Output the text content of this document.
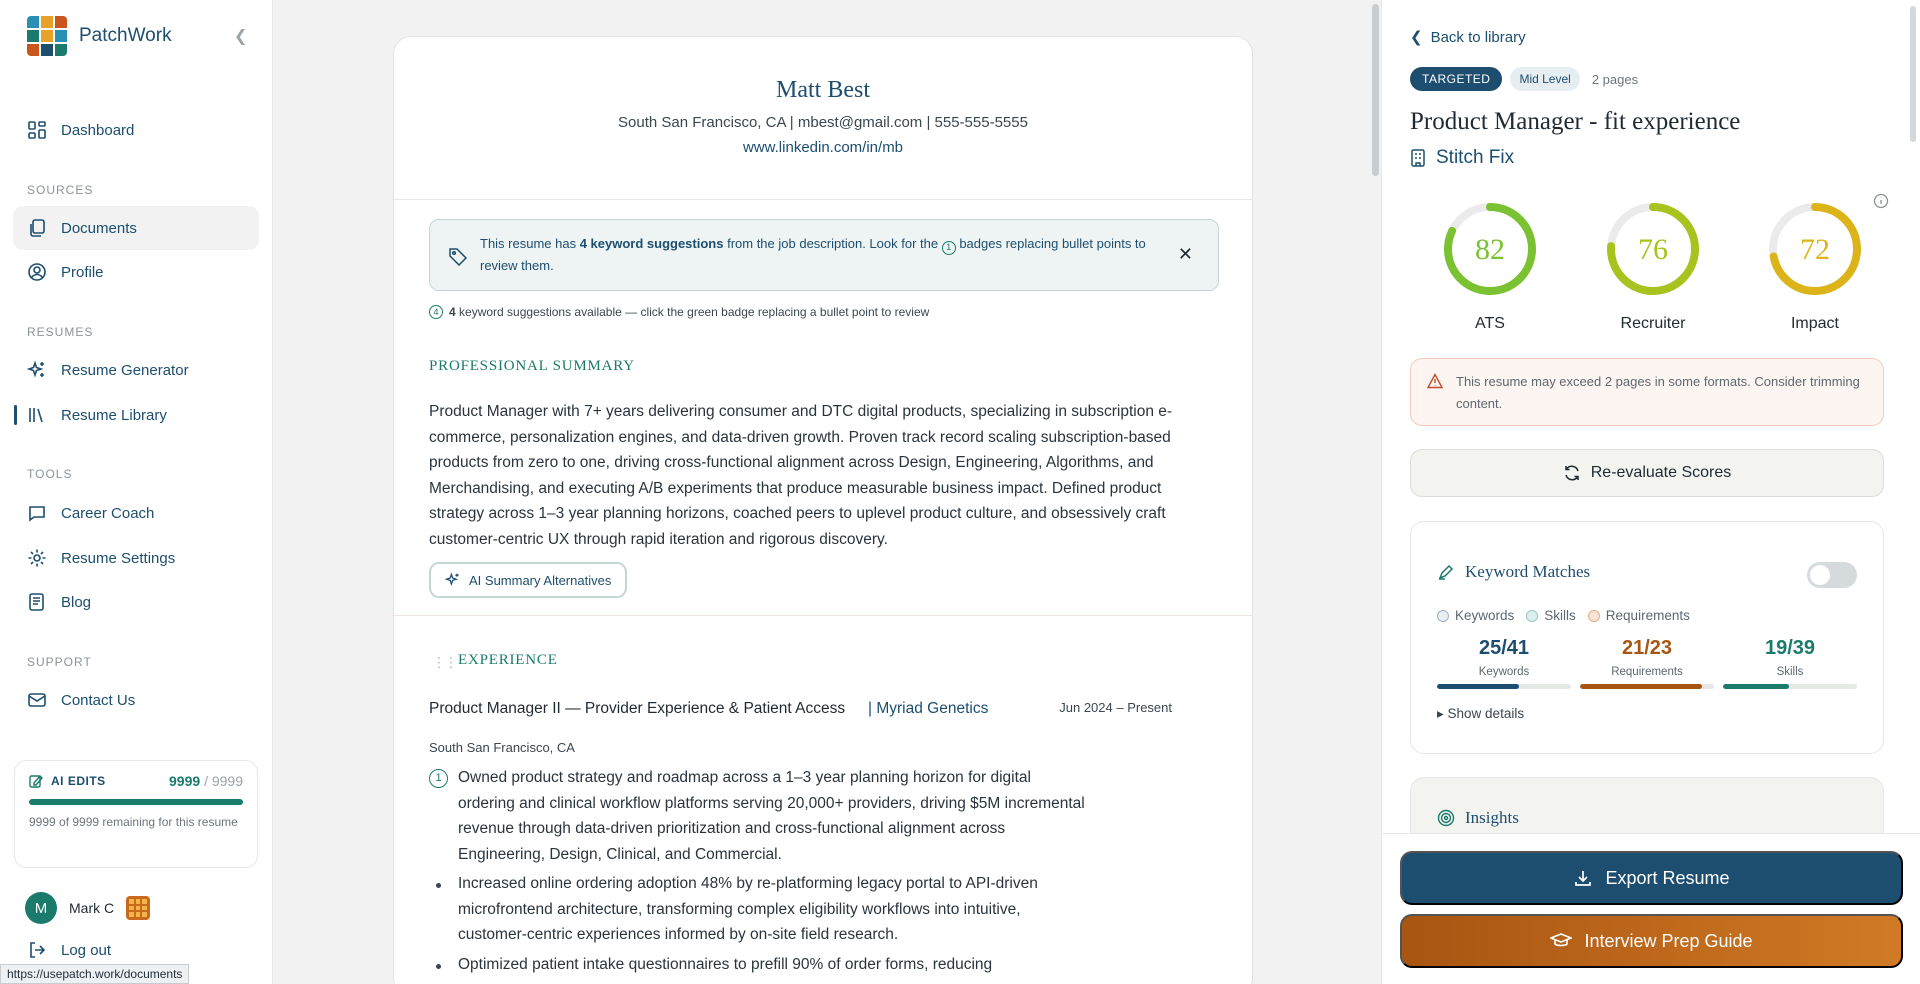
PatchWork	❮
Dashboard
SOURCES
Documents
Profile
RESUMES
Resume Generator
Resume Library
TOOLS
Career Coach
Resume Settings
Blog
SUPPORT
Contact Us
AI EDITS	9999 / 9999
9999 of 9999 remaining for this resume
M	Mark C
Log out
https://usepatch.work/documents
Matt Best
South San Francisco, CA | mbest@gmail.com | 555-555-5555
www.linkedin.com/in/mb
This resume has 4 keyword suggestions from the job description. Look for the 1 badges replacing bullet points to review them.
✕
4 4 keyword suggestions available — click the green badge replacing a bullet point to review
PROFESSIONAL SUMMARY

Product Manager with 7+ years delivering consumer and DTC digital products, specializing in subscription e-commerce, personalization engines, and data-driven growth. Proven track record scaling subscription-based products from zero to one, driving cross-functional alignment across Design, Engineering, Algorithms, and Merchandising, and executing A/B experiments that produce measurable business impact. Defined product strategy across 1–3 year planning horizons, coached peers to uplevel product culture, and obsessively craft customer-centric UX through rapid iteration and rigorous discovery.

AI Summary Alternatives
⋮⋮ EXPERIENCE
Product Manager II — Provider Experience & Patient Access | Myriad Genetics	Jun 2024 – Present
South San Francisco, CA
1	Owned product strategy and roadmap across a 1–3 year planning horizon for digital ordering and clinical workflow platforms serving 20,000+ providers, driving $5M incremental revenue through data-driven prioritization and cross-functional alignment across Engineering, Design, Clinical, and Commercial.
Increased online ordering adoption 48% by re-platforming legacy portal to API-driven microfrontend architecture, transforming complex eligibility workflows into intuitive, customer-centric experiences informed by on-site field research.
Optimized patient intake questionnaires to prefill 90% of order forms, reducing
❮ Back to library
TARGETED	Mid Level	2 pages
Product Manager - fit experience
Stitch Fix
82
ATS
76
Recruiter
72
Impact
This resume may exceed 2 pages in some formats. Consider trimming content.
Re-evaluate Scores
Keyword Matches
Keywords Skills Requirements
25/41
Keywords
21/23
Requirements
19/39
Skills
▸ Show details
Insights
Export Resume
Interview Prep Guide
